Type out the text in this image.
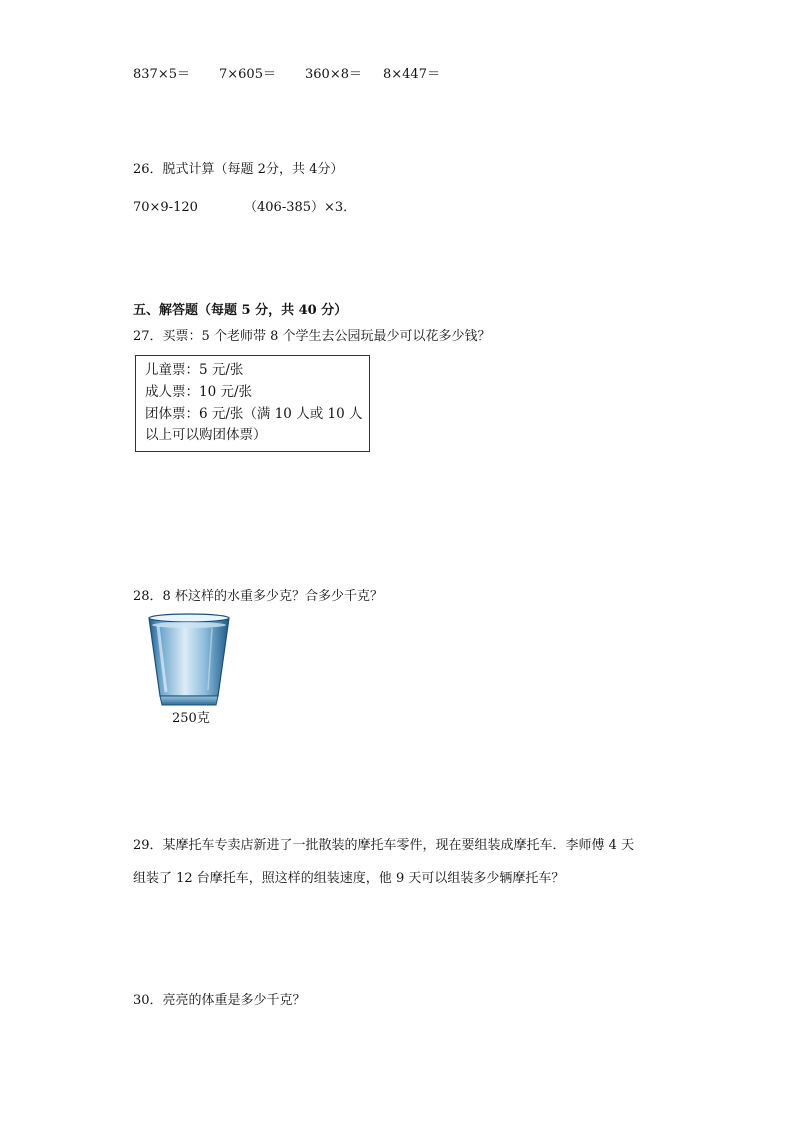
837×5＝ 7×605＝ 360×8＝ 8×447＝
26．脱式计算（每题 2分，共 4分）
70×9-120	（406-385）×3．
五、解答题（每题 5 分，共 40 分）
27．买票：5 个老师带 8 个学生去公园玩最少可以花多少钱？
儿童票：5 元/张
成人票：10 元/张
团体票：6 元/张（满 10 人或 10 人
以上可以购团体票）
28．8 杯这样的水重多少克？合多少千克？
250克
29．某摩托车专卖店新进了一批散装的摩托车零件，现在要组装成摩托车．李师傅 4 天
组装了 12 台摩托车，照这样的组装速度，他 9 天可以组装多少辆摩托车？
30．亮亮的体重是多少千克？
